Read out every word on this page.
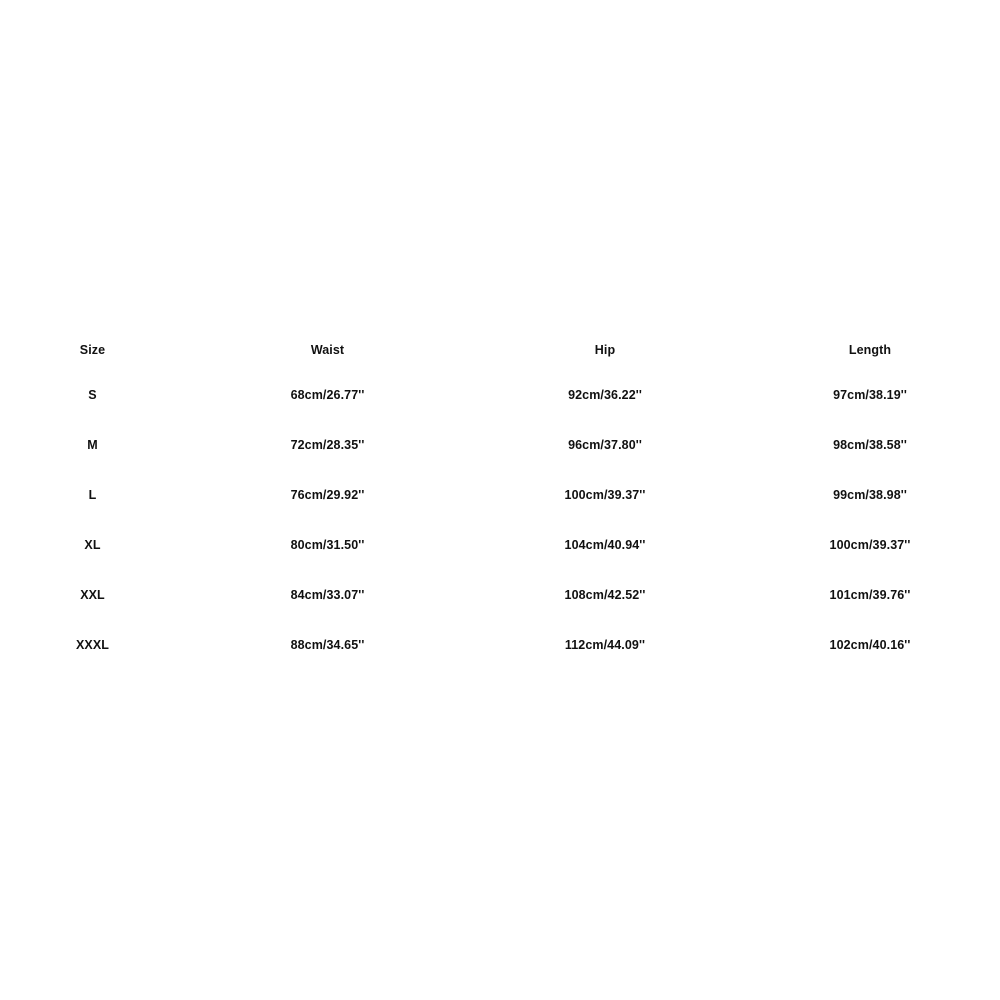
Size	Waist	Hip	Length
S	68cm/26.77''	92cm/36.22''	97cm/38.19''
M	72cm/28.35''	96cm/37.80''	98cm/38.58''
L	76cm/29.92''	100cm/39.37''	99cm/38.98''
XL	80cm/31.50''	104cm/40.94''	100cm/39.37''
XXL	84cm/33.07''	108cm/42.52''	101cm/39.76''
XXXL	88cm/34.65''	112cm/44.09''	102cm/40.16''
